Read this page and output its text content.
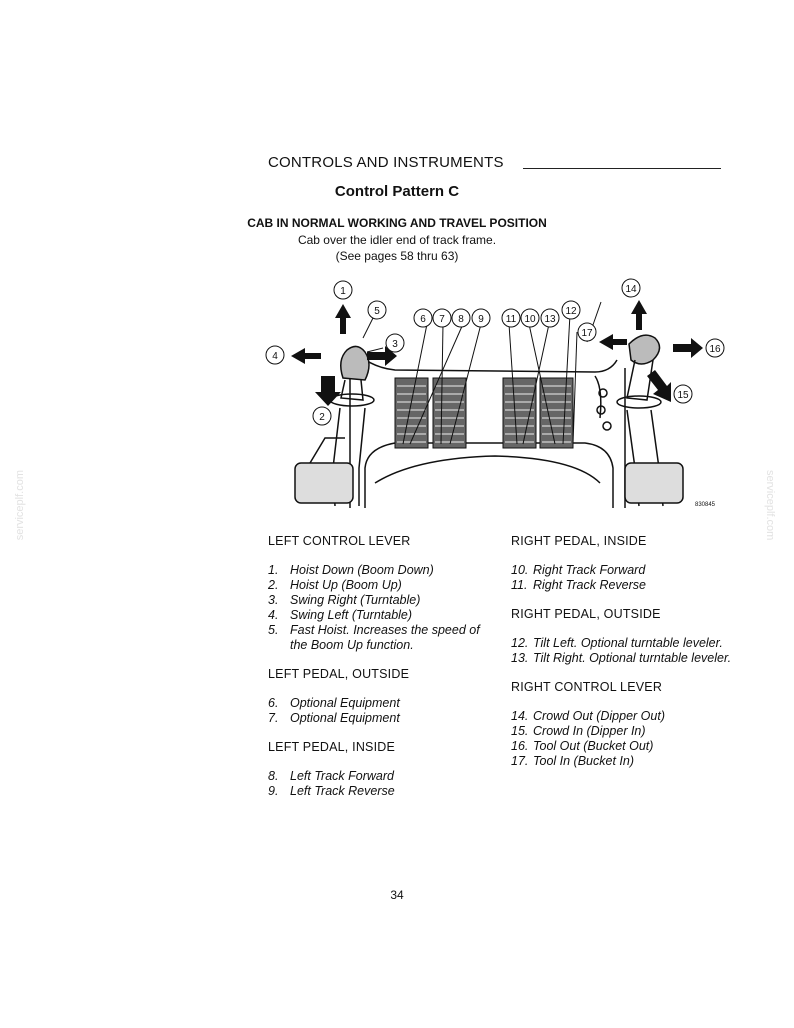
CONTROLS AND INSTRUMENTS
Control Pattern C
CAB IN NORMAL WORKING AND TRAVEL POSITION
Cab over the idler end of track frame.
(See pages 58 thru 63)
1
2
3
4
5
6 7 8 9 11 10 13
12
17
14
16
15
830845
LEFT CONTROL LEVER
1. Hoist Down (Boom Down)
2. Hoist Up (Boom Up)
3. Swing Right (Turntable)
4. Swing Left (Turntable)
5. Fast Hoist. Increases the speed of the Boom Up function.
LEFT PEDAL, OUTSIDE
6. Optional Equipment
7. Optional Equipment
LEFT PEDAL, INSIDE
8. Left Track Forward
9. Left Track Reverse
RIGHT PEDAL, INSIDE
10. Right Track Forward
11. Right Track Reverse
RIGHT PEDAL, OUTSIDE
12. Tilt Left. Optional turntable leveler.
13. Tilt Right. Optional turntable leveler.
RIGHT CONTROL LEVER
14. Crowd Out (Dipper Out)
15. Crowd In (Dipper In)
16. Tool Out (Bucket Out)
17. Tool In (Bucket In)
34
serviceplf.com	serviceplf.com
